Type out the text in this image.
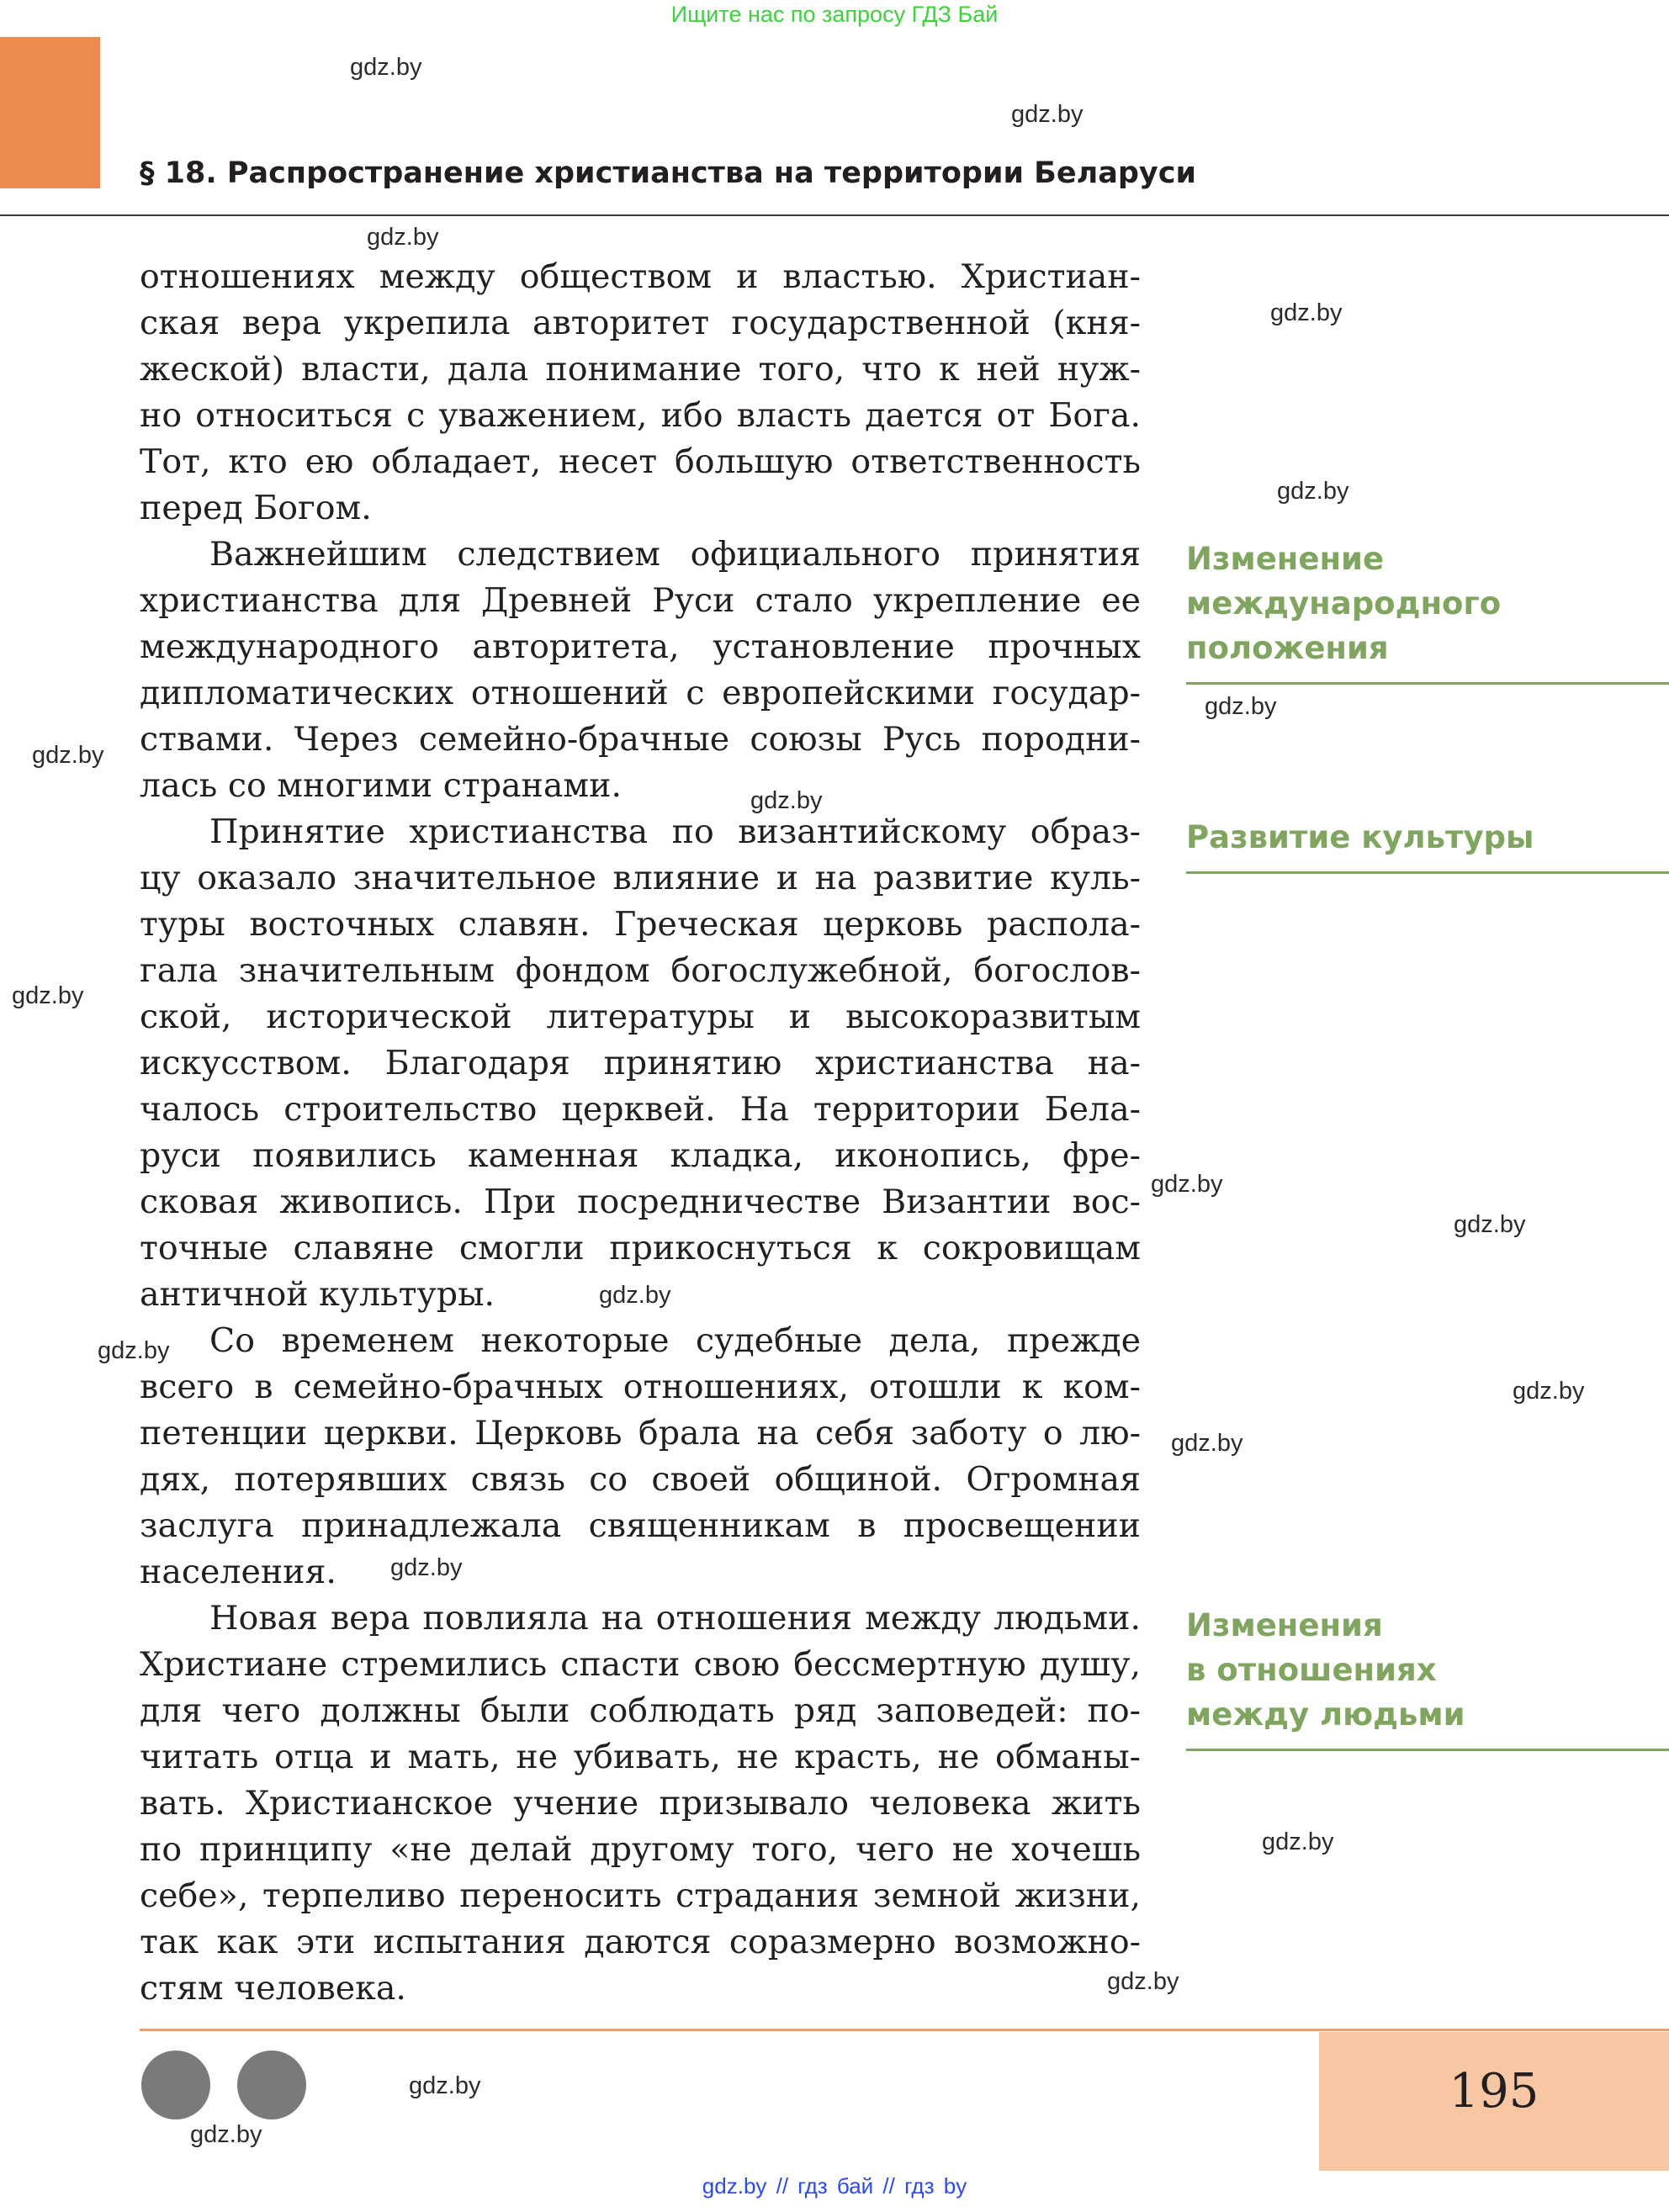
Ищите нас по запросу ГДЗ Бай
§ 18. Распространение христианства на территории Беларуси
gdz.by
gdz.by
gdz.by
gdz.by
gdz.by
gdz.by
gdz.by
gdz.by
gdz.by
gdz.by
gdz.by
gdz.by
gdz.by
gdz.by
gdz.by
gdz.by
gdz.by
gdz.by
gdz.by
gdz.by
отношениях между обществом и властью. Христиан-
ская вера укрепила авторитет государственной (кня-
жеской) власти, дала понимание того, что к ней нуж-
но относиться с уважением, ибо власть дается от Бога.
Тот, кто ею обладает, несет большую ответственность
перед Богом.
Важнейшим следствием официального принятия
христианства для Древней Руси стало укрепление ее
международного авторитета, установление прочных
дипломатических отношений с европейскими государ-
ствами. Через семейно-брачные союзы Русь породни-
лась со многими странами.
Принятие христианства по византийскому образ-
цу оказало значительное влияние и на развитие куль-
туры восточных славян. Греческая церковь распола-
гала значительным фондом богослужебной, богослов-
ской, исторической литературы и высокоразвитым
искусством. Благодаря принятию христианства на-
чалось строительство церквей. На территории Бела-
руси появились каменная кладка, иконопись, фре-
сковая живопись. При посредничестве Византии вос-
точные славяне смогли прикоснуться к сокровищам
античной культуры.
Со временем некоторые судебные дела, прежде
всего в семейно-брачных отношениях, отошли к ком-
петенции церкви. Церковь брала на себя заботу о лю-
дях, потерявших связь со своей общиной. Огромная
заслуга принадлежала священникам в просвещении
населения.
Новая вера повлияла на отношения между людьми.
Христиане стремились спасти свою бессмертную душу,
для чего должны были соблюдать ряд заповедей: по-
читать отца и мать, не убивать, не красть, не обманы-
вать. Христианское учение призывало человека жить
по принципу «не делай другому того, чего не хочешь
себе», терпеливо переносить страдания земной жизни,
так как эти испытания даются соразмерно возможно-
стям человека.
Изменение
международного
положения
Развитие культуры
Изменения
в отношениях
между людьми
195
gdz.by // гдз бай // гдз by
